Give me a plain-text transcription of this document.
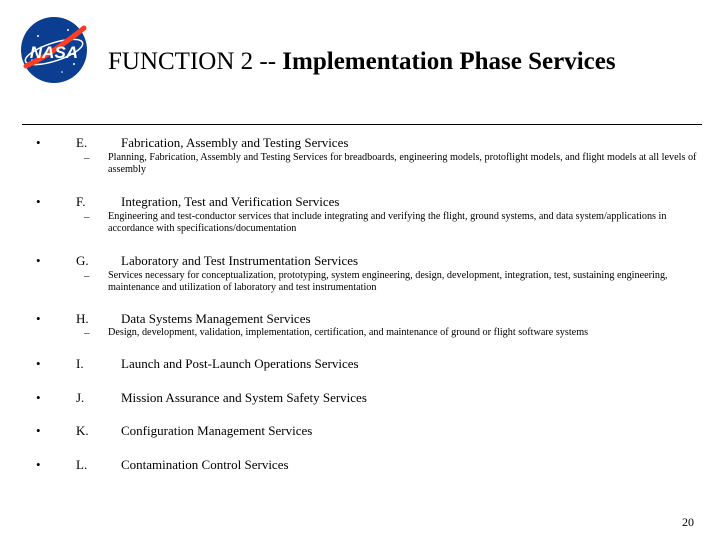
NASA FUNCTION 2 -- Implementation Phase Services
•	E.	Fabrication, Assembly and Testing Services
– Planning, Fabrication, Assembly and Testing Services for breadboards, engineering models, protoflight models, and flight models at all levels of assembly
•	F.	Integration, Test and Verification Services
– Engineering and test-conductor services that include integrating and verifying the flight, ground systems, and data system/applications in accordance with specifications/documentation
•	G. Laboratory and Test Instrumentation Services
– Services necessary for conceptualization, prototyping, system engineering, design, development, integration, test, sustaining engineering, maintenance and utilization of laboratory and test instrumentation
•	H. Data Systems Management Services
– Design, development, validation, implementation, certification, and maintenance of ground or flight software systems
•	I.	Launch and Post-Launch Operations Services
•	J.	Mission Assurance and System Safety Services
•	K. Configuration Management Services
•	L.	Contamination Control Services
20
